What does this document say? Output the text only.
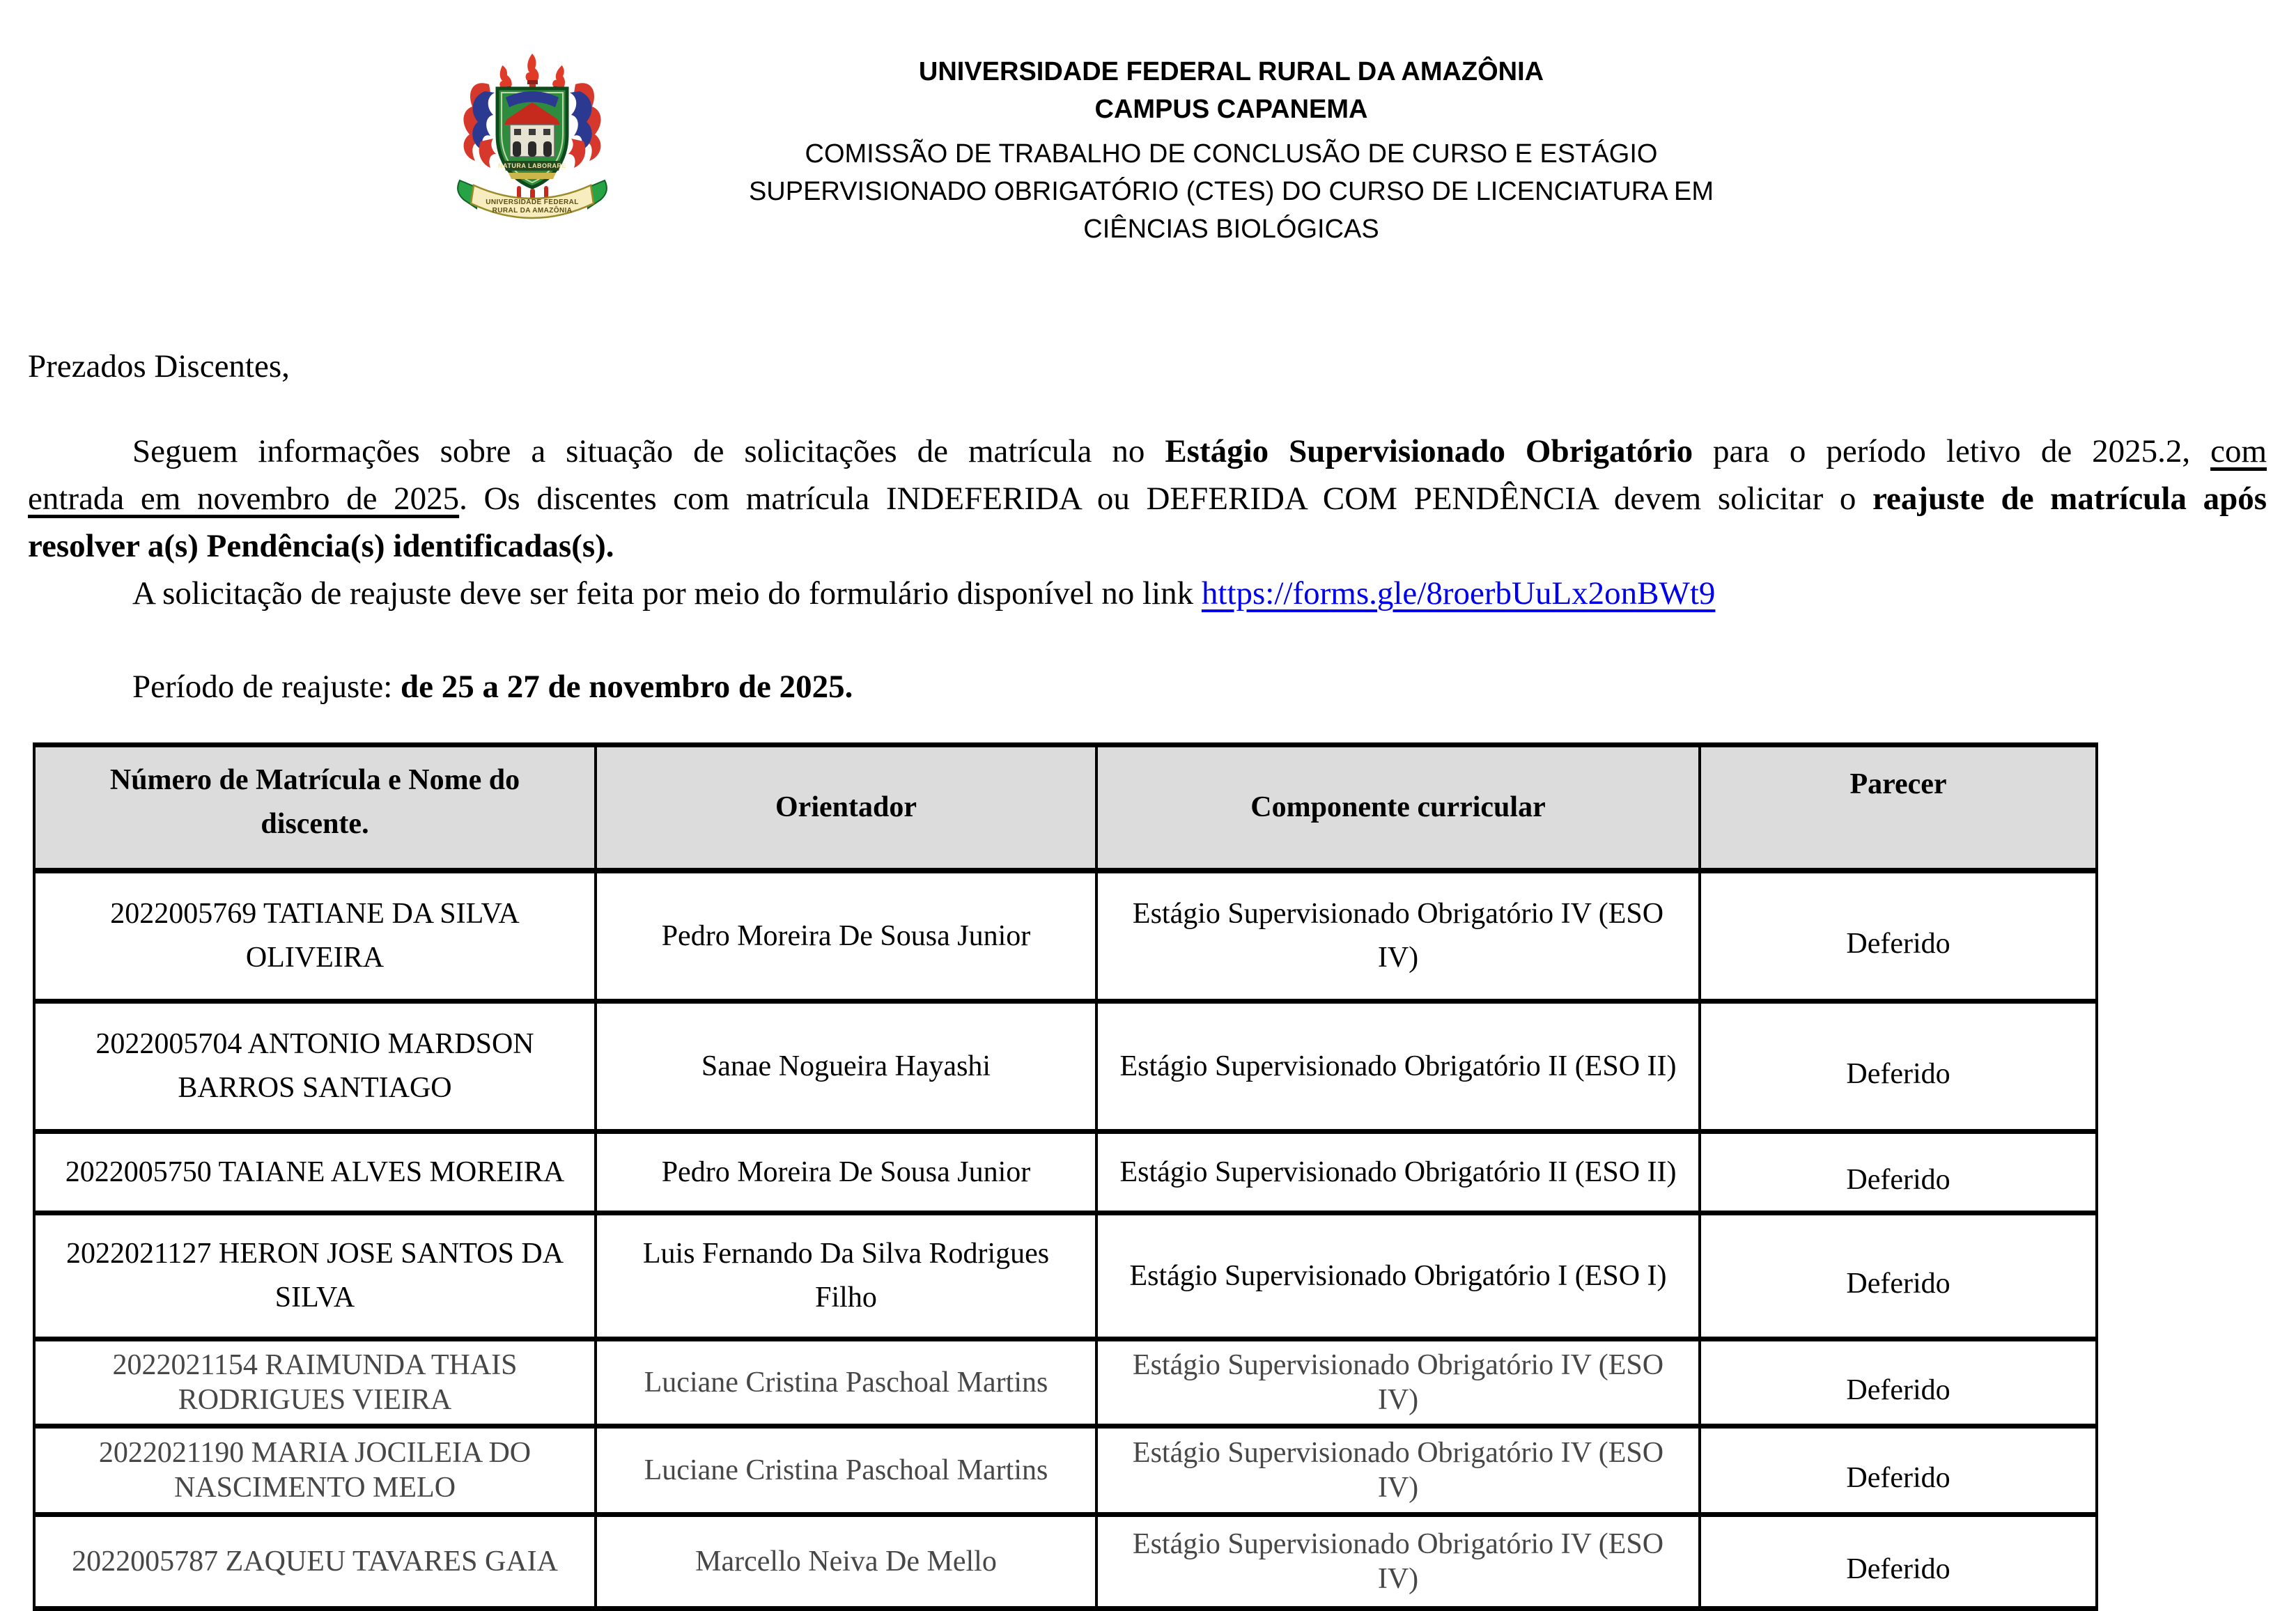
NATURA LABORARE
UNIVERSIDADE FEDERAL
RURAL DA AMAZÔNIA
UNIVERSIDADE FEDERAL RURAL DA AMAZÔNIA
CAMPUS CAPANEMA
COMISSÃO DE TRABALHO DE CONCLUSÃO DE CURSO E ESTÁGIO
SUPERVISIONADO OBRIGATÓRIO (CTES) DO CURSO DE LICENCIATURA EM
CIÊNCIAS BIOLÓGICAS
Prezados Discentes,
Seguem informações sobre a situação de solicitações de matrícula no Estágio Supervisionado Obrigatório para o período letivo de 2025.2, com
entrada em novembro de 2025. Os discentes com matrícula INDEFERIDA ou DEFERIDA COM PENDÊNCIA devem solicitar o reajuste de matrícula após
resolver a(s) Pendência(s) identificadas(s).
A solicitação de reajuste deve ser feita por meio do formulário disponível no link https://forms.gle/8roerbUuLx2onBWt9
Período de reajuste: de 25 a 27 de novembro de 2025.
Número de Matrícula e Nome do discente.	Orientador	Componente curricular	Parecer
2022005769 TATIANE DA SILVA OLIVEIRA	Pedro Moreira De Sousa Junior	Estágio Supervisionado Obrigatório IV (ESO IV)	Deferido
2022005704 ANTONIO MARDSON BARROS SANTIAGO	Sanae Nogueira Hayashi	Estágio Supervisionado Obrigatório II (ESO II)	Deferido
2022005750 TAIANE ALVES MOREIRA	Pedro Moreira De Sousa Junior	Estágio Supervisionado Obrigatório II (ESO II)	Deferido
2022021127 HERON JOSE SANTOS DA SILVA	Luis Fernando Da Silva Rodrigues Filho	Estágio Supervisionado Obrigatório I (ESO I)	Deferido
2022021154 RAIMUNDA THAIS RODRIGUES VIEIRA	Luciane Cristina Paschoal Martins	Estágio Supervisionado Obrigatório IV (ESO IV)	Deferido
2022021190 MARIA JOCILEIA DO NASCIMENTO MELO	Luciane Cristina Paschoal Martins	Estágio Supervisionado Obrigatório IV (ESO IV)	Deferido
2022005787 ZAQUEU TAVARES GAIA	Marcello Neiva De Mello	Estágio Supervisionado Obrigatório IV (ESO IV)	Deferido
